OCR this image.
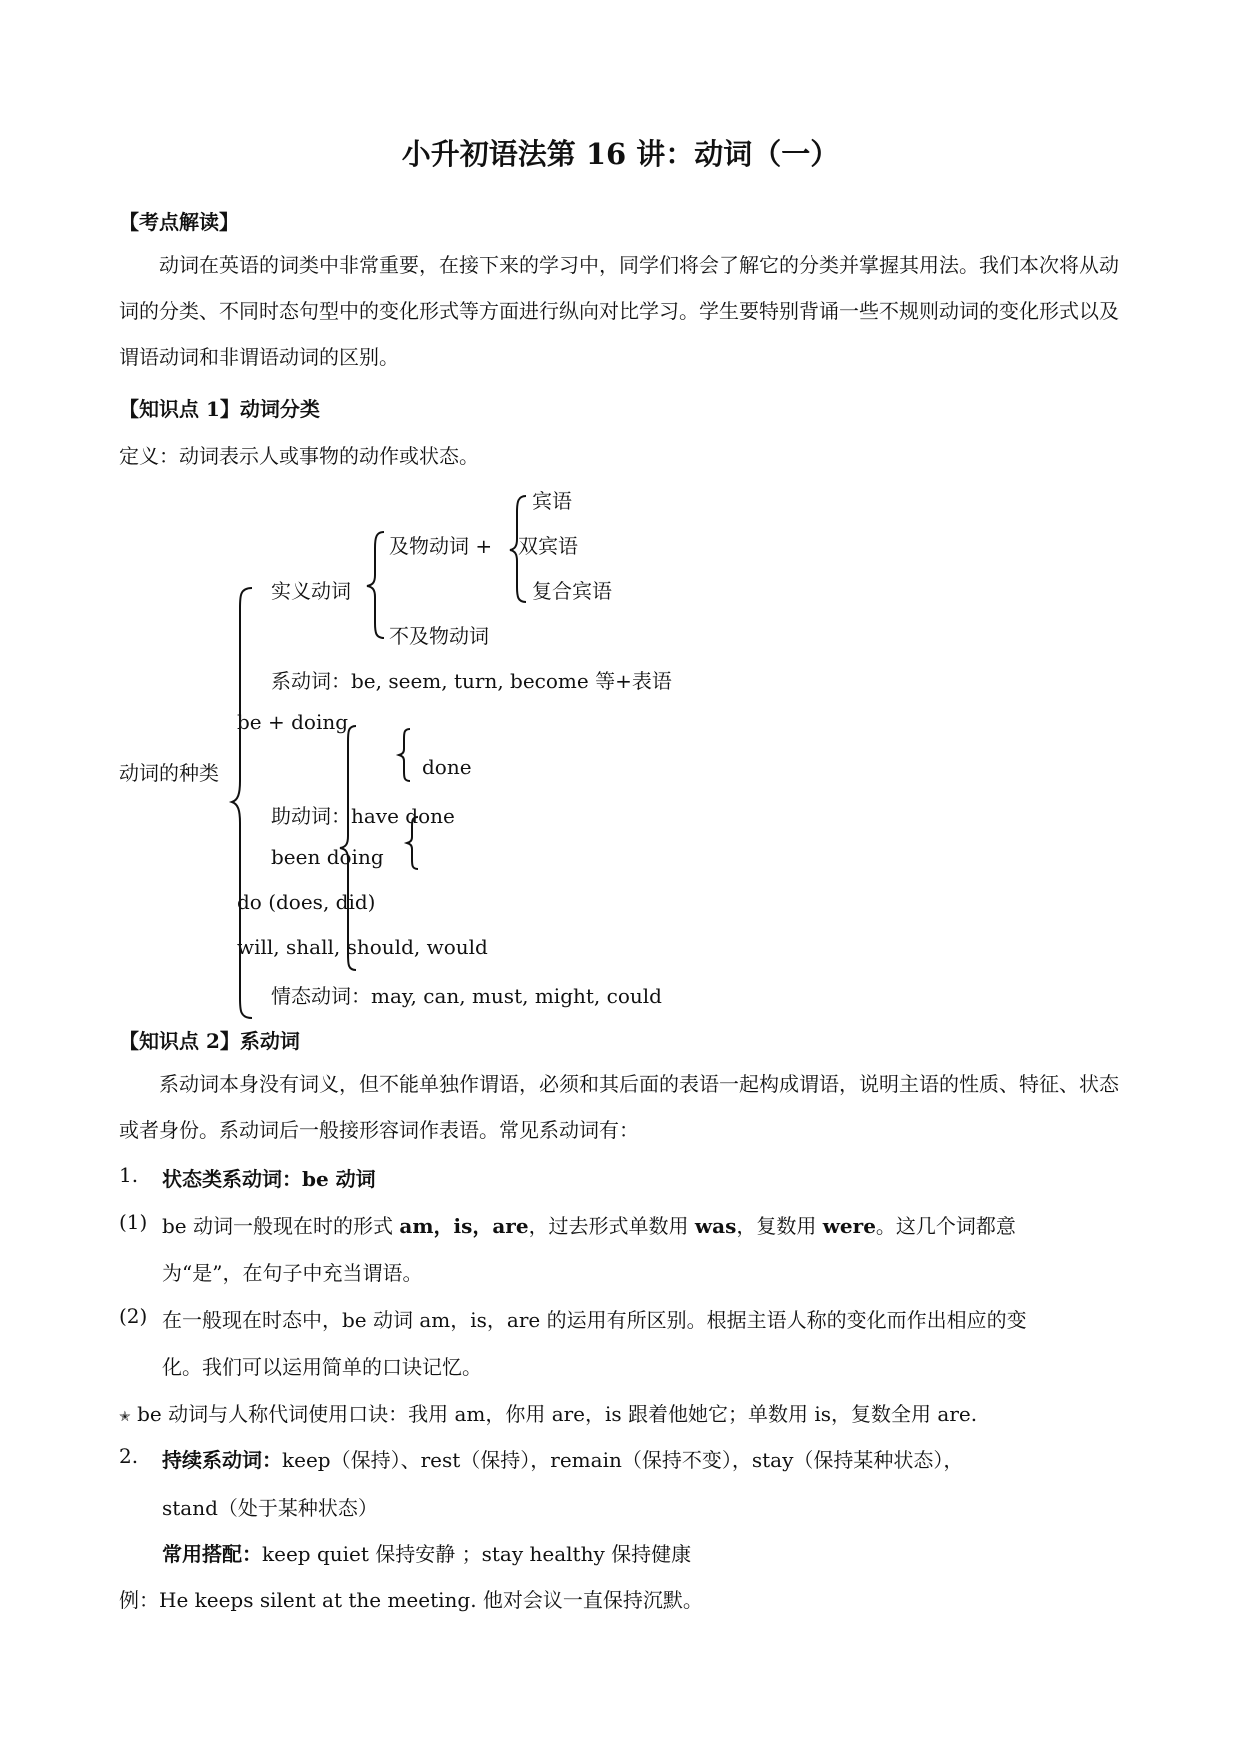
小升初语法第 16 讲：动词（一）
【考点解读】
动词在英语的词类中非常重要，在接下来的学习中，同学们将会了解它的分类并掌握其用法。我们本次将从动词的分类、不同时态句型中的变化形式等方面进行纵向对比学习。学生要特别背诵一些不规则动词的变化形式以及谓语动词和非谓语动词的区别。
【知识点 1】动词分类
定义：动词表示人或事物的动作或状态。
动词的种类
实义动词
及物动词 +
宾语
双宾语
复合宾语
不及物动词
系动词：be, seem, turn, become 等+表语
be + doing
done
助动词：have done
been doing
do (does, did)
will, shall, should, would
情态动词：may, can, must, might, could
【知识点 2】系动词
系动词本身没有词义，但不能单独作谓语，必须和其后面的表语一起构成谓语，说明主语的性质、特征、状态或者身份。系动词后一般接形容词作表语。常见系动词有：
1. 状态类系动词：be 动词
(1) be 动词一般现在时的形式 am，is，are，过去形式单数用 was，复数用 were。这几个词都意
为“是”，在句子中充当谓语。
(2) 在一般现在时态中，be 动词 am，is，are 的运用有所区别。根据主语人称的变化而作出相应的变
化。我们可以运用简单的口诀记忆。
✭ be 动词与人称代词使用口诀：我用 am，你用 are，is 跟着他她它；单数用 is，复数全用 are.
2. 持续系动词：keep（保持）、rest（保持），remain（保持不变），stay（保持某种状态），
stand（处于某种状态）
常用搭配：keep quiet 保持安静 ；stay healthy 保持健康
例：He keeps silent at the meeting. 他对会议一直保持沉默。
